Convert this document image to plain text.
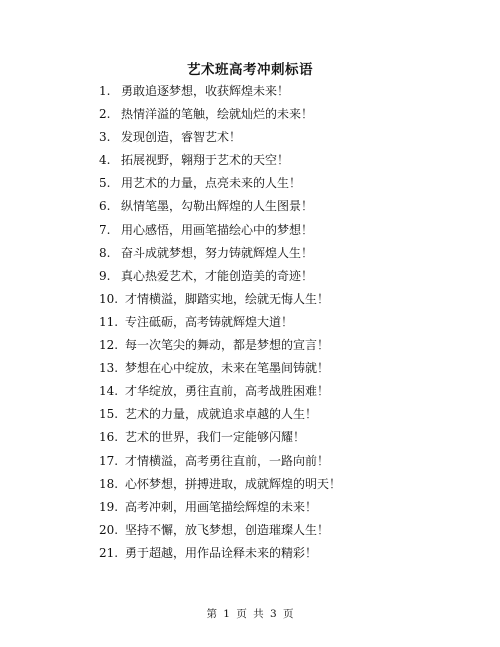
艺术班高考冲刺标语
1. 勇敢追逐梦想，收获辉煌未来！
2. 热情洋溢的笔触，绘就灿烂的未来！
3. 发现创造，睿智艺术！
4. 拓展视野，翱翔于艺术的天空！
5. 用艺术的力量，点亮未来的人生！
6. 纵情笔墨，勾勒出辉煌的人生图景！
7. 用心感悟，用画笔描绘心中的梦想！
8. 奋斗成就梦想，努力铸就辉煌人生！
9. 真心热爱艺术，才能创造美的奇迹！
10. 才情横溢，脚踏实地，绘就无悔人生！
11. 专注砥砺，高考铸就辉煌大道！
12. 每一次笔尖的舞动，都是梦想的宣言！
13. 梦想在心中绽放，未来在笔墨间铸就！
14. 才华绽放，勇往直前，高考战胜困难！
15. 艺术的力量，成就追求卓越的人生！
16. 艺术的世界，我们一定能够闪耀！
17. 才情横溢，高考勇往直前，一路向前！
18. 心怀梦想，拼搏进取，成就辉煌的明天！
19. 高考冲刺，用画笔描绘辉煌的未来！
20. 坚持不懈，放飞梦想，创造璀璨人生！
21. 勇于超越，用作品诠释未来的精彩！
第 1 页 共 3 页
